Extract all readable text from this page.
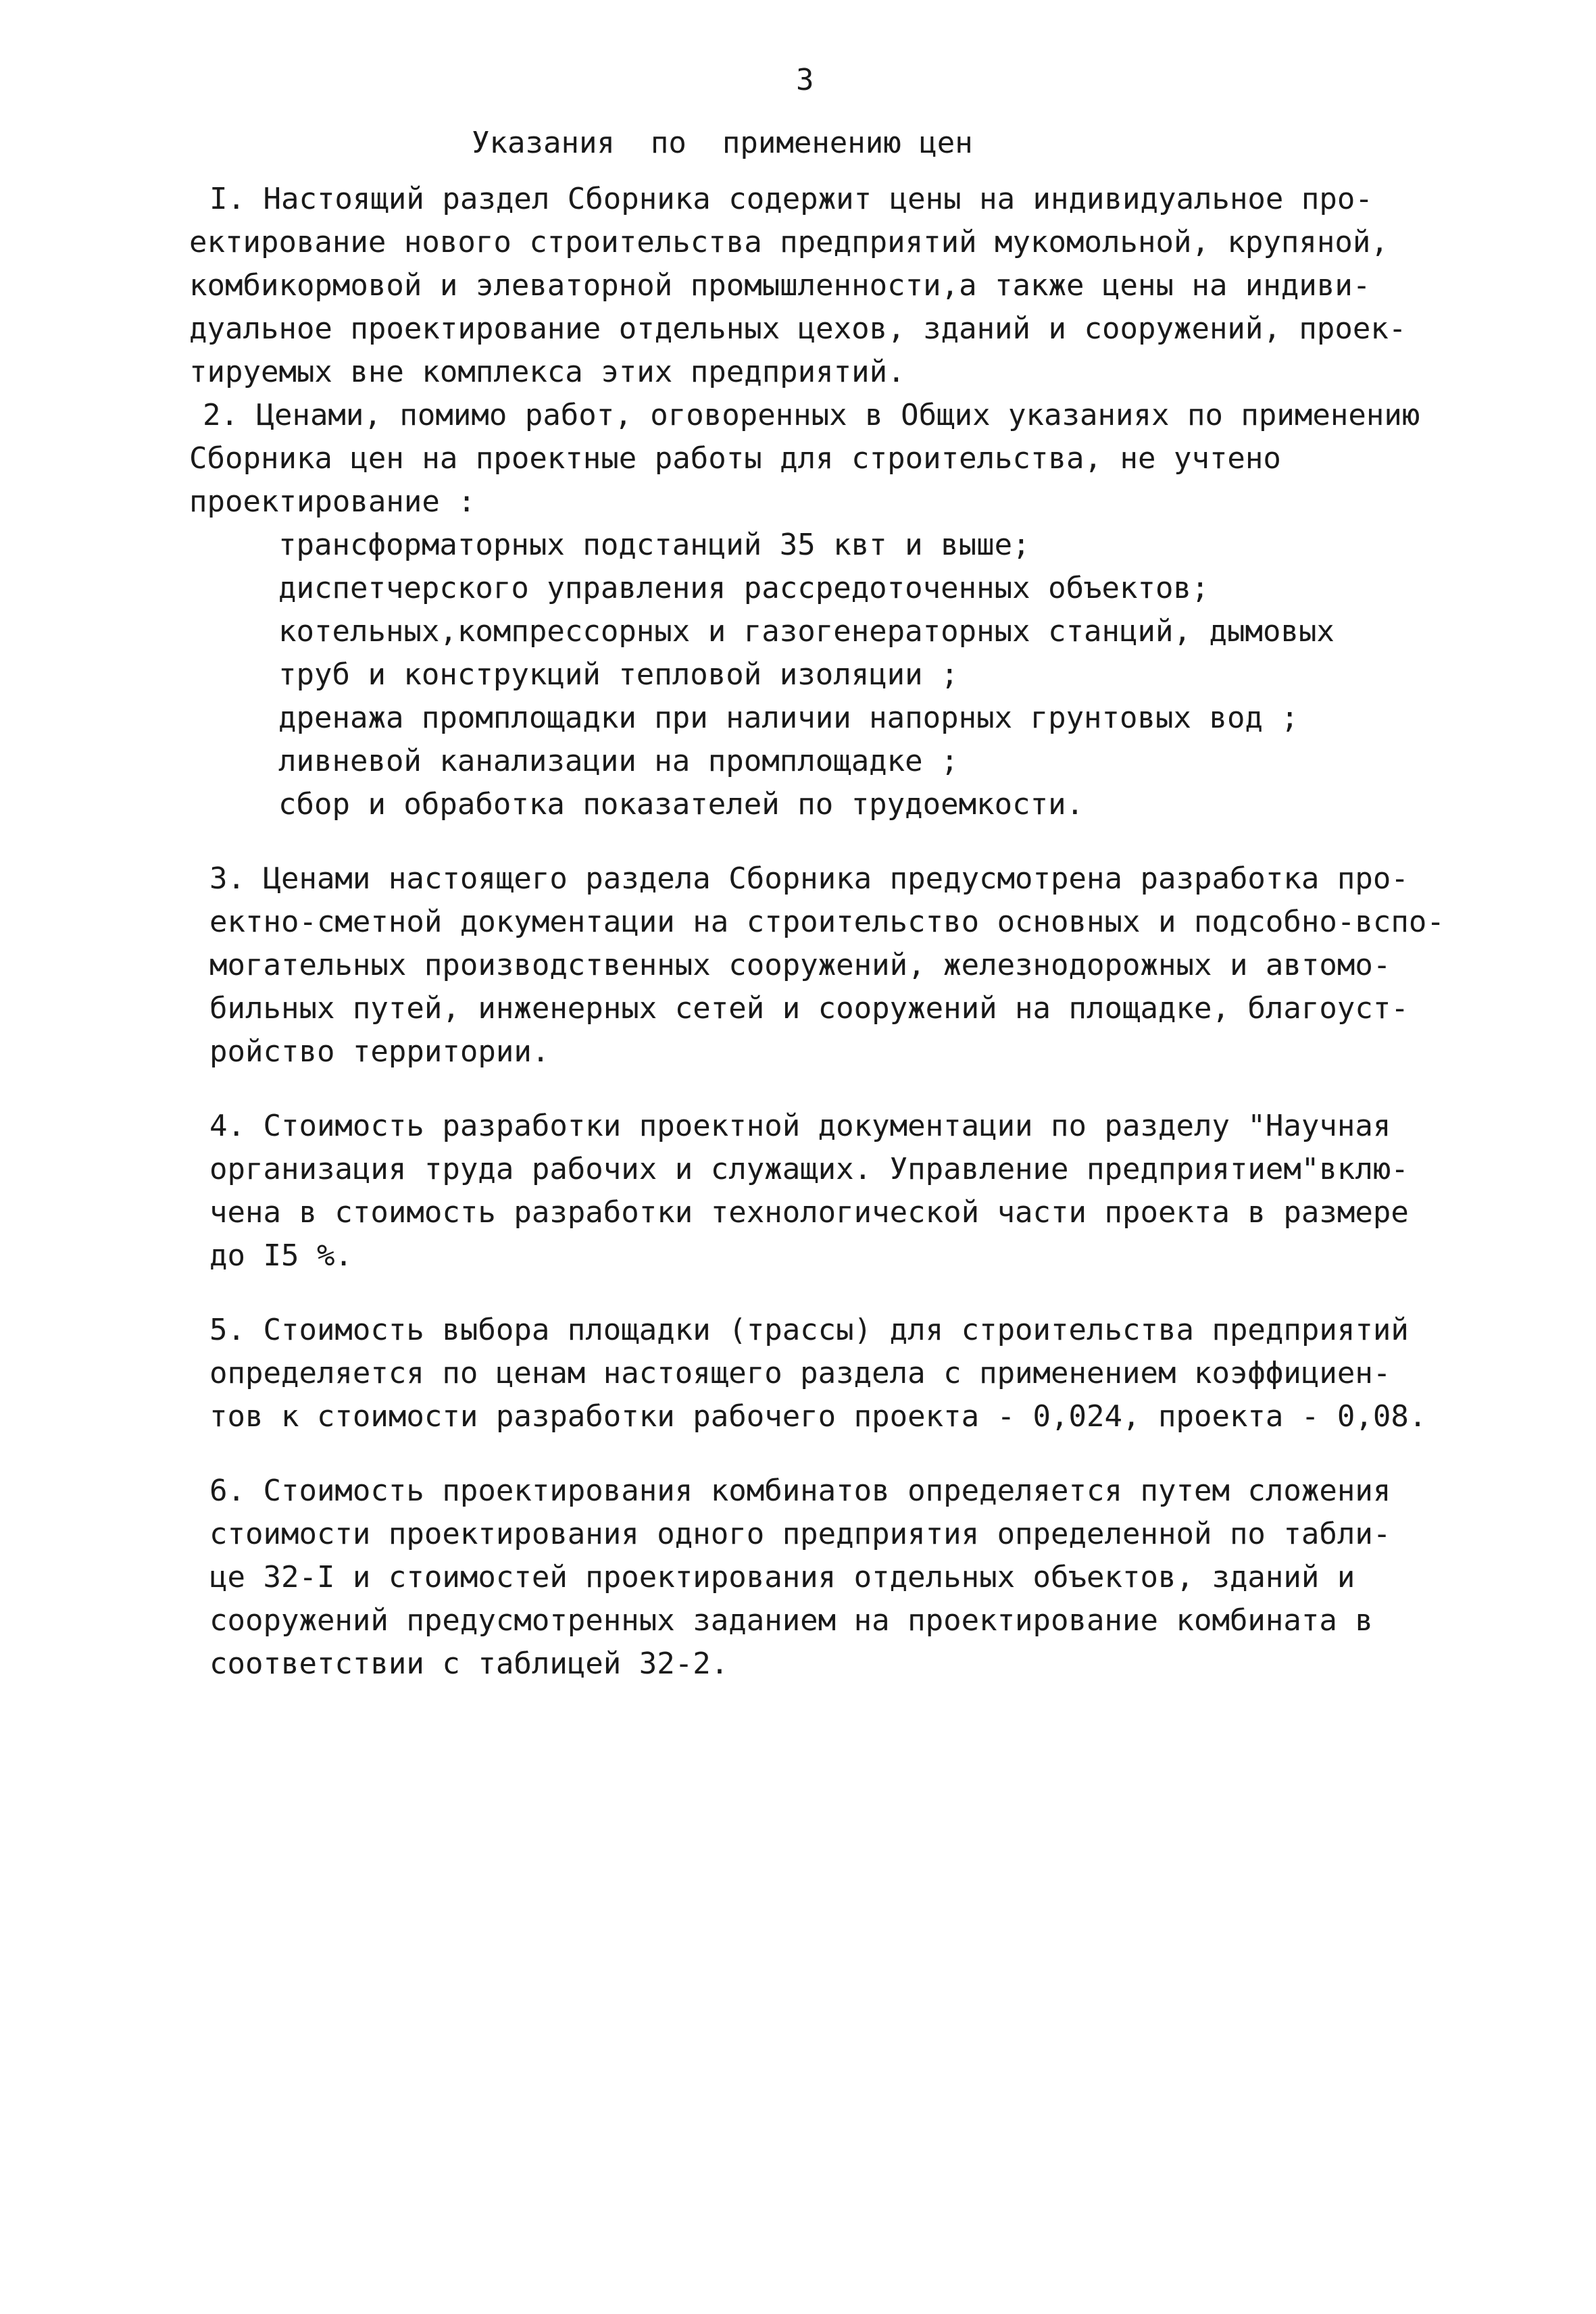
3
Указания  по  применению цен
I. Настоящий раздел Сборника содержит цены на индивидуальное про-
ектирование нового строительства предприятий мукомольной, крупяной,
комбикормовой и элеваторной промышленности,а также цены на индиви-
дуальное проектирование отдельных цехов, зданий и сооружений, проек-
тируемых вне комплекса этих предприятий.
2. Ценами, помимо работ, оговоренных в Общих указаниях по применению
Сборника цен на проектные работы для строительства, не учтено
проектирование :
трансформаторных подстанций 35 квт и выше;
диспетчерского управления рассредоточенных объектов;
котельных,компрессорных и газогенераторных станций, дымовых
труб и конструкций тепловой изоляции ;
дренажа промплощадки при наличии напорных грунтовых вод ;
ливневой канализации на промплощадке ;
сбор и обработка показателей по трудоемкости.
3. Ценами настоящего раздела Сборника предусмотрена разработка про-
ектно-сметной документации на строительство основных и подсобно-вспо-
могательных производственных сооружений, железнодорожных и автомо-
бильных путей, инженерных сетей и сооружений на площадке, благоуст-
ройство территории.
4. Стоимость разработки проектной документации по разделу "Научная
организация труда рабочих и служащих. Управление предприятием"вклю-
чена в стоимость разработки технологической части проекта в размере
до I5 %.
5. Стоимость выбора площадки (трассы) для строительства предприятий
определяется по ценам настоящего раздела с применением коэффициен-
тов к стоимости разработки рабочего проекта - 0,024, проекта - 0,08.
6. Стоимость проектирования комбинатов определяется путем сложения
стоимости проектирования одного предприятия определенной по табли-
це 32-I и стоимостей проектирования отдельных объектов, зданий и
сооружений предусмотренных заданием на проектирование комбината в
соответствии с таблицей 32-2.
